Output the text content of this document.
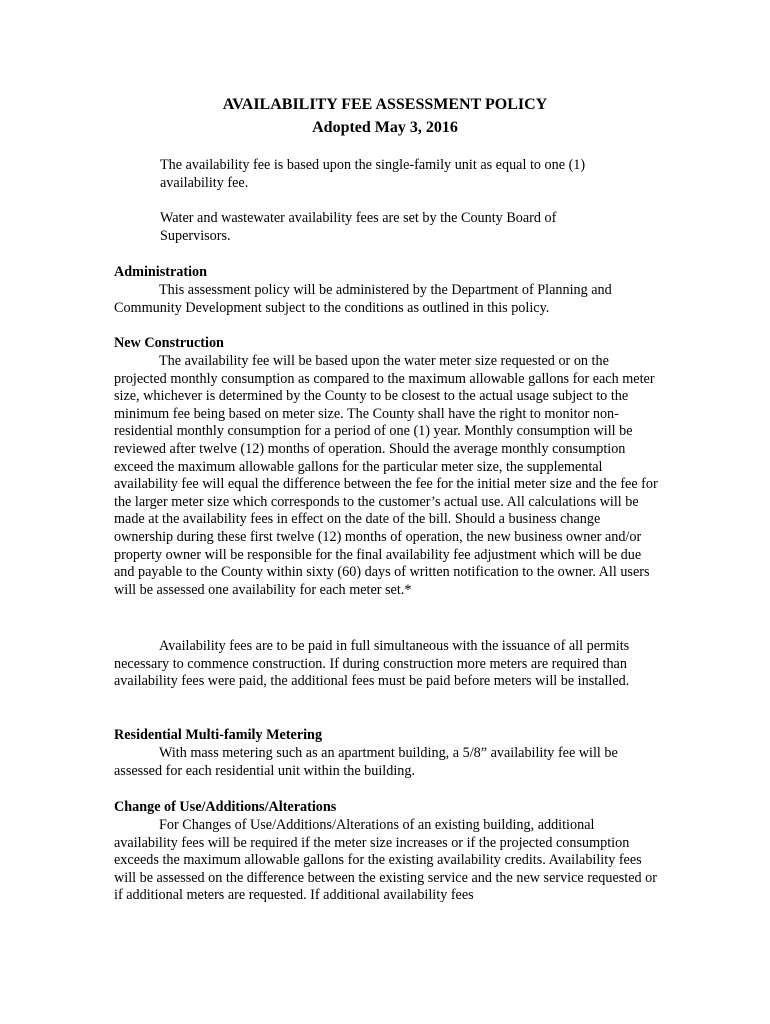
AVAILABILITY FEE ASSESSMENT POLICY
Adopted May 3, 2016

The availability fee is based upon the single-family unit as equal to one (1) availability fee.

Water and wastewater availability fees are set by the County Board of Supervisors.

Administration

This assessment policy will be administered by the Department of Planning and Community Development subject to the conditions as outlined in this policy.

New Construction

The availability fee will be based upon the water meter size requested or on the projected monthly consumption as compared to the maximum allowable gallons for each meter size, whichever is determined by the County to be closest to the actual usage subject to the minimum fee being based on meter size. The County shall have the right to monitor non-residential monthly consumption for a period of one (1) year. Monthly consumption will be reviewed after twelve (12) months of operation. Should the average monthly consumption exceed the maximum allowable gallons for the particular meter size, the supplemental availability fee will equal the difference between the fee for the initial meter size and the fee for the larger meter size which corresponds to the customer’s actual use. All calculations will be made at the availability fees in effect on the date of the bill. Should a business change ownership during these first twelve (12) months of operation, the new business owner and/or property owner will be responsible for the final availability fee adjustment which will be due and payable to the County within sixty (60) days of written notification to the owner. All users will be assessed one availability for each meter set.*

Availability fees are to be paid in full simultaneous with the issuance of all permits necessary to commence construction. If during construction more meters are required than availability fees were paid, the additional fees must be paid before meters will be installed.

Residential Multi-family Metering

With mass metering such as an apartment building, a 5/8” availability fee will be assessed for each residential unit within the building.

Change of Use/Additions/Alterations

For Changes of Use/Additions/Alterations of an existing building, additional availability fees will be required if the meter size increases or if the projected consumption exceeds the maximum allowable gallons for the existing availability credits. Availability fees will be assessed on the difference between the existing service and the new service requested or if additional meters are requested. If additional availability fees
